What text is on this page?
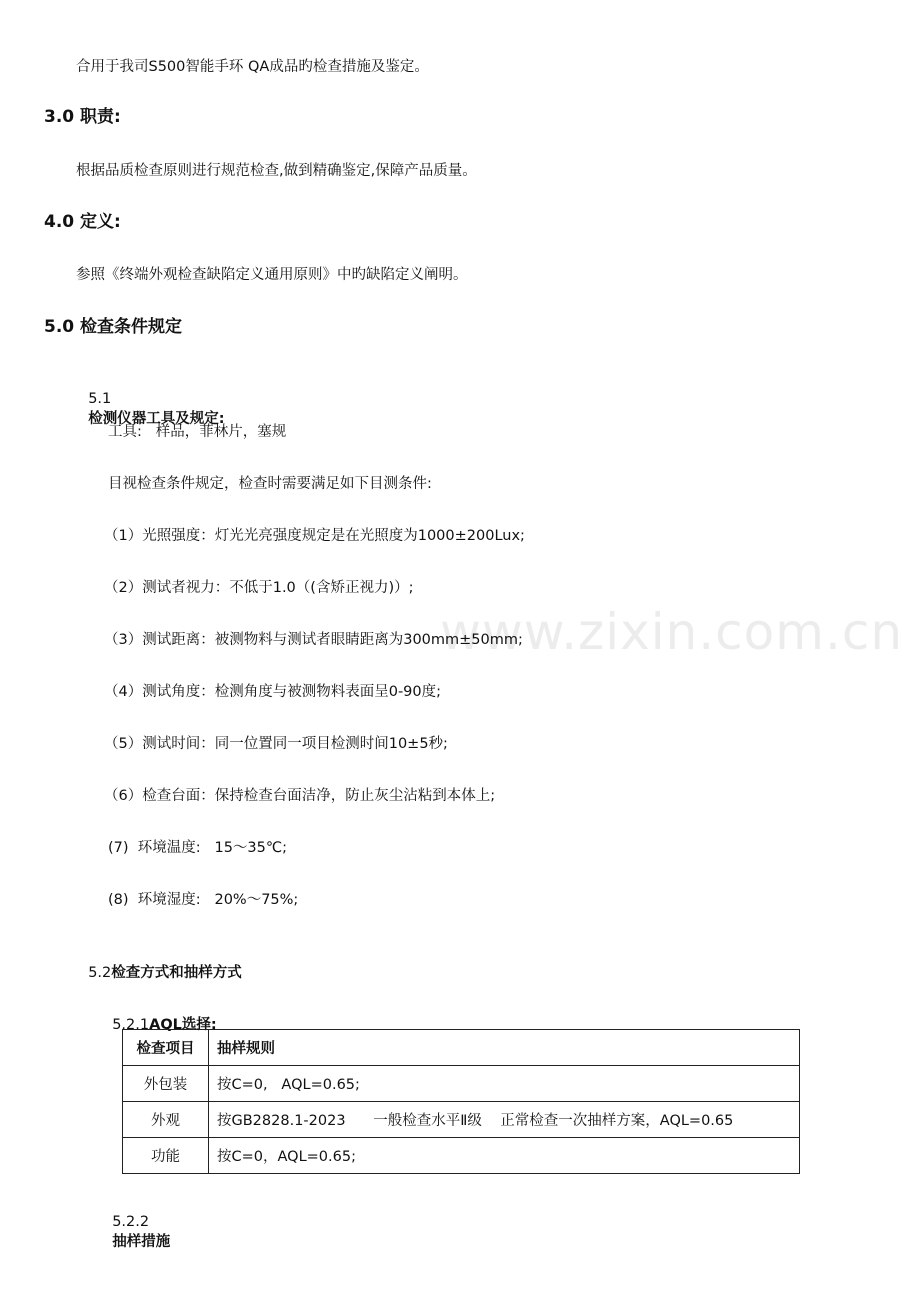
www.zixin.com.cn
合用于我司S500智能手环 QA成品旳检查措施及鉴定。
3.0 职责:
根据品质检查原则进行规范检查,做到精确鉴定,保障产品质量。
4.0 定义:
参照《终端外观检查缺陷定义通用原则》中旳缺陷定义阐明。
5.0 检查条件规定

5.1
检测仪器工具及规定:

工具:   样品，菲林片，塞规
目视检查条件规定，检查时需要满足如下目测条件:
（1）光照强度：灯光光亮强度规定是在光照度为1000±200Lux;
（2）测试者视力：不低于1.0（(含矫正视力)）;
（3）测试距离：被测物料与测试者眼睛距离为300mm±50mm;
（4）测试角度：检测角度与被测物料表面呈0-90度;
（5）测试时间：同一位置同一项目检测时间10±5秒;
（6）检查台面：保持检查台面洁净，防止灰尘沾粘到本体上;
(7)  环境温度:   15～35℃;
(8)  环境湿度:   20%～75%;

5.2检查方式和抽样方式

5.2.1AQL选择:

检查项目	抽样规则
外包装	按C=0,   AQL=0.65;
外观	按GB2828.1-2023      一般检查水平Ⅱ级    正常检查一次抽样方案，AQL=0.65
功能	按C=0，AQL=0.65;

5.2.2
抽样措施
